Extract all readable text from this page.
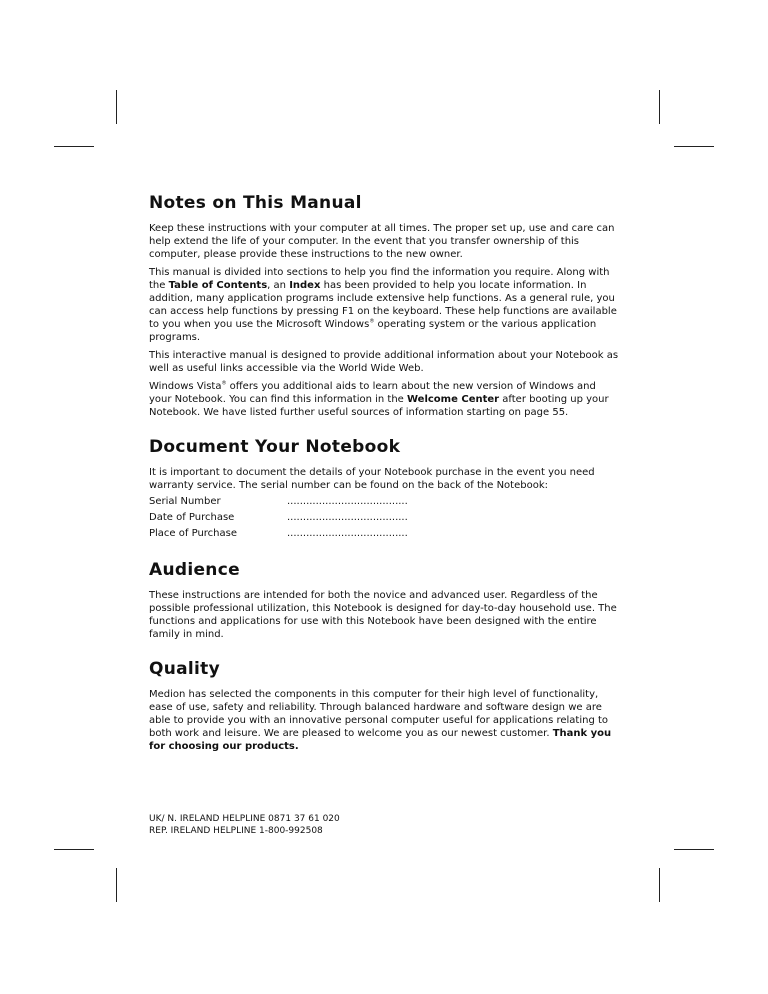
Notes on This Manual

Keep these instructions with your computer at all times. The proper set up, use and care can help extend the life of your computer. In the event that you transfer ownership of this computer, please provide these instructions to the new owner.

This manual is divided into sections to help you find the information you require. Along with the Table of Contents, an Index has been provided to help you locate information. In addition, many application programs include extensive help functions. As a general rule, you can access help functions by pressing F1 on the keyboard. These help functions are available to you when you use the Microsoft Windows® operating system or the various application programs.

This interactive manual is designed to provide additional information about your Notebook as well as useful links accessible via the World Wide Web.

Windows Vista® offers you additional aids to learn about the new version of Windows and your Notebook. You can find this information in the Welcome Center after booting up your Notebook. We have listed further useful sources of information starting on page 55.

Document Your Notebook

It is important to document the details of your Notebook purchase in the event you need warranty service. The serial number can be found on the back of the Notebook:

Serial Number	......................................
Date of Purchase	......................................
Place of Purchase	......................................
Audience

These instructions are intended for both the novice and advanced user. Regardless of the possible professional utilization, this Notebook is designed for day-to-day household use. The functions and applications for use with this Notebook have been designed with the entire family in mind.

Quality

Medion has selected the components in this computer for their high level of functionality, ease of use, safety and reliability. Through balanced hardware and software design we are able to provide you with an innovative personal computer useful for applications relating to both work and leisure. We are pleased to welcome you as our newest customer. Thank you for choosing our products.

UK/ N. IRELAND HELPLINE 0871 37 61 020
REP. IRELAND HELPLINE 1-800-992508
